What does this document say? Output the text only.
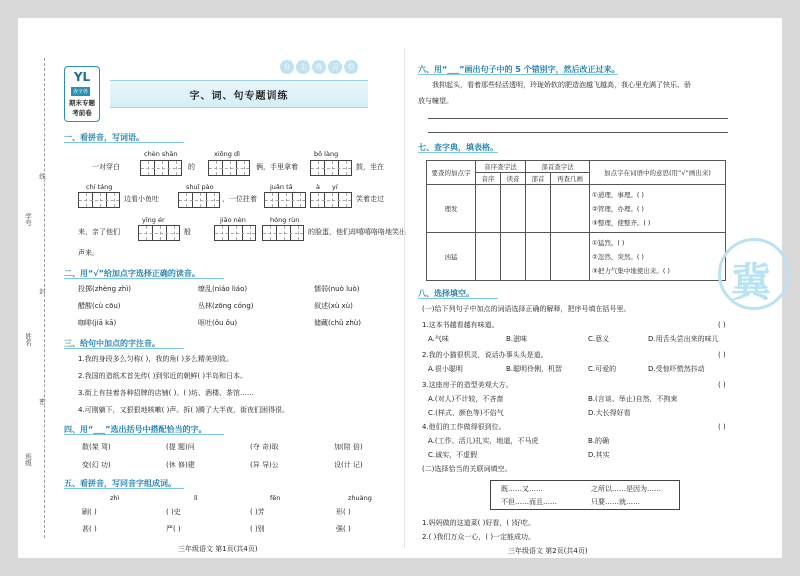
学号
姓名
班级
线
封
密
YL
查字兽
期末专题
考前卷
字、词、句专题训练
自	主	练	习	卷
一、看拼音，写词语。
chèn shān	xiōng dì	bō làng
一对穿白	的	俩，手里拿着	鼓，坐在
chí táng	shuǐ pào	juǎn tā	à yí
边看小鱼吐	，一位拄着	笑着走过
yīng ér	jiāo nèn	hóng rùn
来，亲了他们	般	的脸蛋，他们却嘻嘻咯咯地笑出
声来。
二、用“√”给加点字选择正确的读音。
投掷(zhèng zhì)	缭乱(niáo liáo)	懦弱(nuò luò)
醋酸(cù cōu)	丛林(zōng cóng)	叙述(xù xù)
咖啡(jiā kā)	呕吐(ǒu ǒu)	储藏(chǔ zhù)
三、给句中加点的字注音。
1.我的身段多么匀称( )，我的角( )多么精美别致。
2.我国的造纸术首先传( )到邻近的朝鲜( )半岛和日本。
3.街上有挂着各种招牌的店铺( )、( )坊、酒楼、茶馆……
4.可刚躺下，又狠狠地咳嗽( )声。拆( )腾了大半夜，街夜们困得很。
四、用“___”选出括号中搭配恰当的字。
散(架 驾)	(提 题)问	(夺 奇)取	加(陪 倍)
变(幻 功)	(休 修)建	(异 导)公	设(计 记)
五、看拼音，写同音字组成词。
zhì	lì	fēn	zhuàng
刷( )	( )史	( )芳	形( )
甚( )	严( )	( )别	强( )
三年级语文 第1页(共4页)
六、用“___”画出句子中的 5 个错别字，然后改正过来。
我抑起头，看着那些轻活透明，玲珑娇软的肥造泡越飞越高，我心里充满了快乐、骄
放与幢望。
七、查字典，填表格。
要查的加点字	音序查字法		部首查字法		加点字在词语中的意思(用“√”画出来)
	音序	读音	部首	再查几画	
理发					①道理，事理。( )
②管理，办理。( )
③整理，使整齐。( )

凶猛					①猛烈。( )
②忽然，突然。( )
③把力气集中地使出来。( )
八、选择填空。
(一)给下列句子中加点的词语选择正确的解释，把序号填在括号里。
1.这本书越看越有味道。	( )
A.气味	B.滋味	C.意义	D.用舌头尝出来的味儿
2.我的小猫很机灵，说话办事头头是道。	( )
A.很小聪明	B.聪明伶俐，机智	C.可爱的	D.受惊吓慌然抖动
3.这座房子的造型美观大方。	( )
A.(对人)不计较，不吝啬	B.(言谈、举止)自然，不拘束
C.(样式、颜色等)不俗气	D.大长得好看
4.他们的工作做得很到位。	( )
A.(工作、活儿)扎实，地道，不马虎	B.的确
C.诚实，不虚假	D.其实
(二)选择恰当的关联词填空。
既……又……	之所以……是因为……
不但……而且……	只要……就……
1.妈妈做的这道菜( )好看，( )好吃。
2.( )我们万众一心，( )一定能成功。
三年级语文 第2页(共4页)
冀
